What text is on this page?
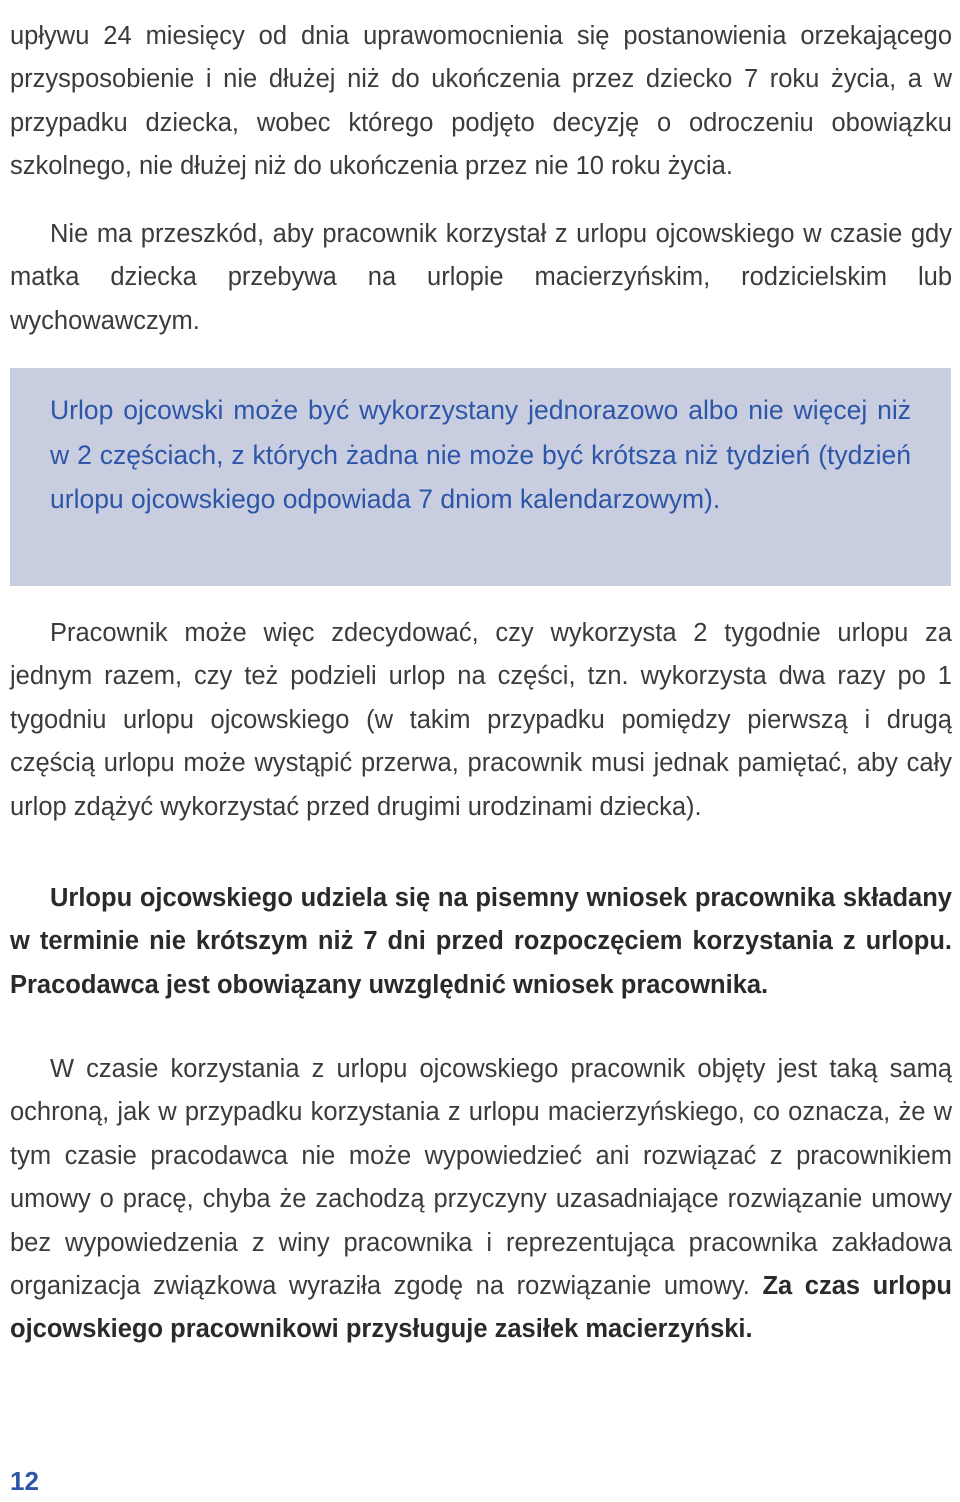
upływu 24 miesięcy od dnia uprawomocnienia się postanowienia orzekającego przysposobienie i nie dłużej niż do ukończenia przez dziecko 7 roku życia, a w przypadku dziecka, wobec którego podjęto decyzję o odroczeniu obowiązku szkolnego, nie dłużej niż do ukończenia przez nie 10 roku życia.

Nie ma przeszkód, aby pracownik korzystał z urlopu ojcowskiego w czasie gdy matka dziecka przebywa na urlopie macierzyńskim, rodzicielskim lub wychowawczym.

Urlop ojcowski może być wykorzystany jednorazowo albo nie więcej niż w 2 częściach, z których żadna nie może być krótsza niż tydzień (tydzień urlopu ojcowskiego odpowiada 7 dniom kalendarzowym).

Pracownik może więc zdecydować, czy wykorzysta 2 tygodnie urlopu za jednym razem, czy też podzieli urlop na części, tzn. wykorzysta dwa razy po 1 tygodniu urlopu ojcowskiego (w takim przypadku pomiędzy pierwszą i drugą częścią urlopu może wystąpić przerwa, pracownik musi jednak pamiętać, aby cały urlop zdążyć wykorzystać przed drugimi urodzinami dziecka).

Urlopu ojcowskiego udziela się na pisemny wniosek pracownika składany w terminie nie krótszym niż 7 dni przed rozpoczęciem korzystania z urlopu. Pracodawca jest obowiązany uwzględnić wniosek pracownika.

W czasie korzystania z urlopu ojcowskiego pracownik objęty jest taką samą ochroną, jak w przypadku korzystania z urlopu macierzyńskiego, co oznacza, że w tym czasie pracodawca nie może wypowiedzieć ani rozwiązać z pracownikiem umowy o pracę, chyba że zachodzą przyczyny uzasadniające rozwiązanie umowy bez wypowiedzenia z winy pracownika i reprezentująca pracownika zakładowa organizacja związkowa wyraziła zgodę na rozwiązanie umowy. Za czas urlopu ojcowskiego pracownikowi przysługuje zasiłek macierzyński.

12
